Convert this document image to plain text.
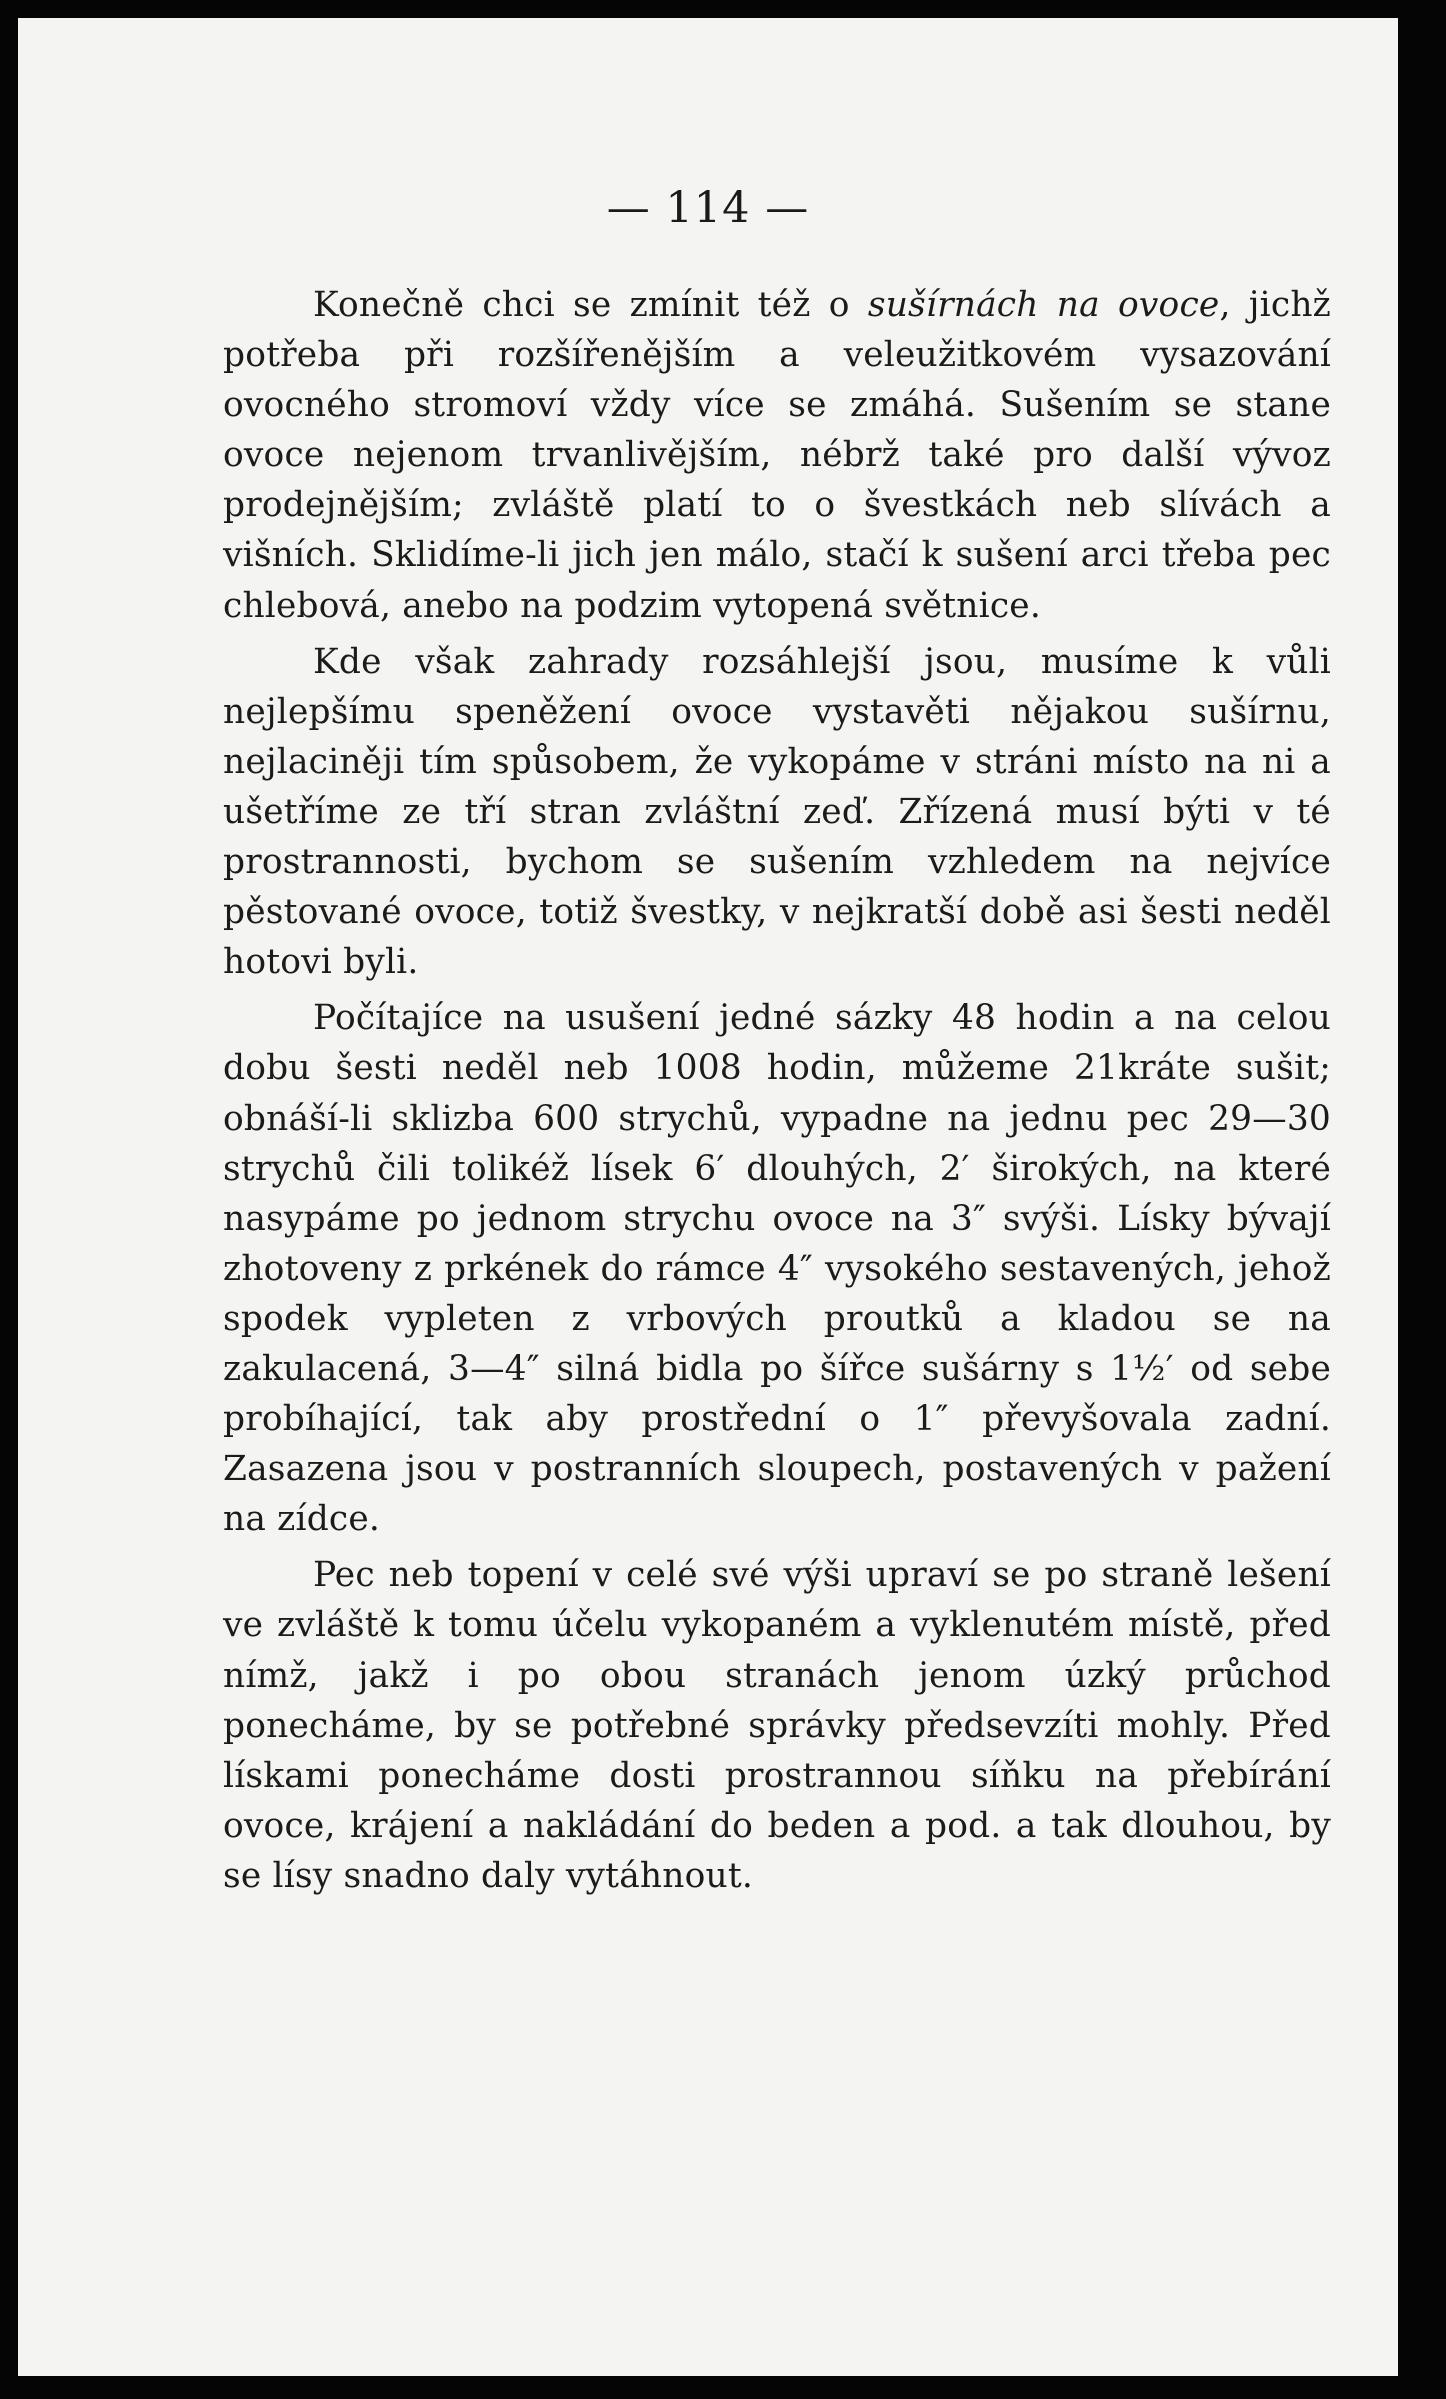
— 114 —

Konečně chci se zmínit též o sušírnách na ovoce, jichž potřeba při rozšířenějším a veleužitkovém vysazování ovocného stromoví vždy více se zmáhá. Sušením se stane ovoce nejenom trvanlivějším, nébrž také pro další vývoz prodejnějším; zvláště platí to o švestkách neb slívách a višních. Sklidíme-li jich jen málo, stačí k sušení arci třeba pec chlebová, anebo na podzim vytopená světnice.

Kde však zahrady rozsáhlejší jsou, musíme k vůli nejlepšímu speněžení ovoce vystavěti nějakou sušírnu, nejlaciněji tím spůsobem, že vykopáme v stráni místo na ni a ušetříme ze tří stran zvláštní zeď. Zřízená musí býti v té prostrannosti, bychom se sušením vzhledem na nejvíce pěstované ovoce, totiž švestky, v nejkratší době asi šesti neděl hotovi byli.

Počítajíce na usušení jedné sázky 48 hodin a na celou dobu šesti neděl neb 1008 hodin, můžeme 21kráte sušit; obnáší-li sklizba 600 strychů, vypadne na jednu pec 29—30 strychů čili tolikéž lísek 6′ dlouhých, 2′ širokých, na které nasypáme po jednom strychu ovoce na 3″ svýši. Lísky bývají zhotoveny z prkének do rámce 4″ vysokého sestavených, jehož spodek vypleten z vrbových proutků a kladou se na zakulacená, 3—4″ silná bidla po šířce sušárny s 1½′ od sebe probíhající, tak aby prostřední o 1″ převyšovala zadní. Zasazena jsou v postranních sloupech, postavených v pažení na zídce.

Pec neb topení v celé své výši upraví se po straně lešení ve zvláště k tomu účelu vykopaném a vyklenutém místě, před nímž, jakž i po obou stranách jenom úzký průchod ponecháme, by se potřebné správky předsevzíti mohly. Před lískami ponecháme dosti prostrannou síňku na přebírání ovoce, krájení a nakládání do beden a pod. a tak dlouhou, by se lísy snadno daly vytáhnout.
